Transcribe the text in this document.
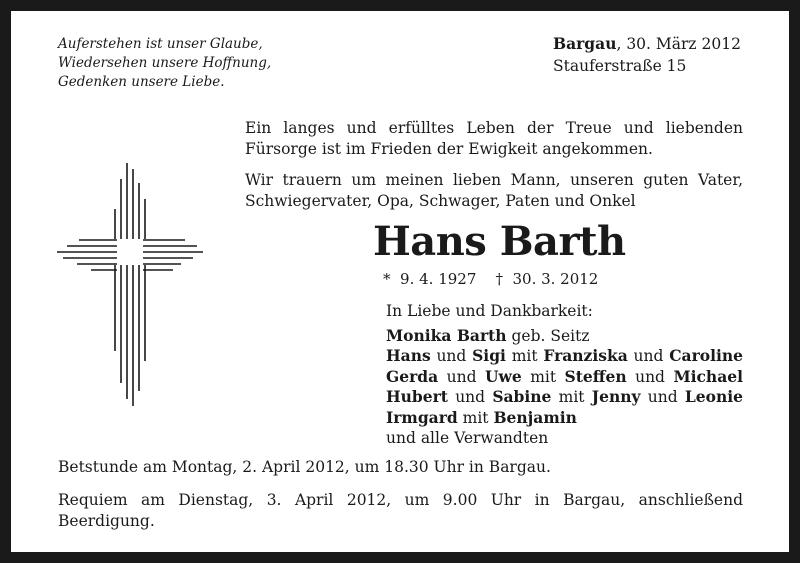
Auferstehen ist unser Glaube,
Wiedersehen unsere Hoffnung,
Gedenken unsere Liebe.
Bargau, 30. März 2012
Stauferstraße 15
Ein langes und erfülltes Leben der Treue und liebenden
Fürsorge ist im Frieden der Ewigkeit angekommen.
Wir trauern um meinen lieben Mann, unseren guten Vater,
Schwiegervater, Opa, Schwager, Paten und Onkel
Hans Barth
*  9. 4. 1927    †  30. 3. 2012
In Liebe und Dankbarkeit:
Monika Barth geb. Seitz
Hans und Sigi mit Franziska und Caroline
Gerda und Uwe mit Steffen und Michael
Hubert und Sabine mit Jenny und Leonie
Irmgard mit Benjamin
und alle Verwandten
Betstunde am Montag, 2. April 2012, um 18.30 Uhr in Bargau.
Requiem am Dienstag, 3. April 2012, um 9.00 Uhr in Bargau, anschließend
Beerdigung.
